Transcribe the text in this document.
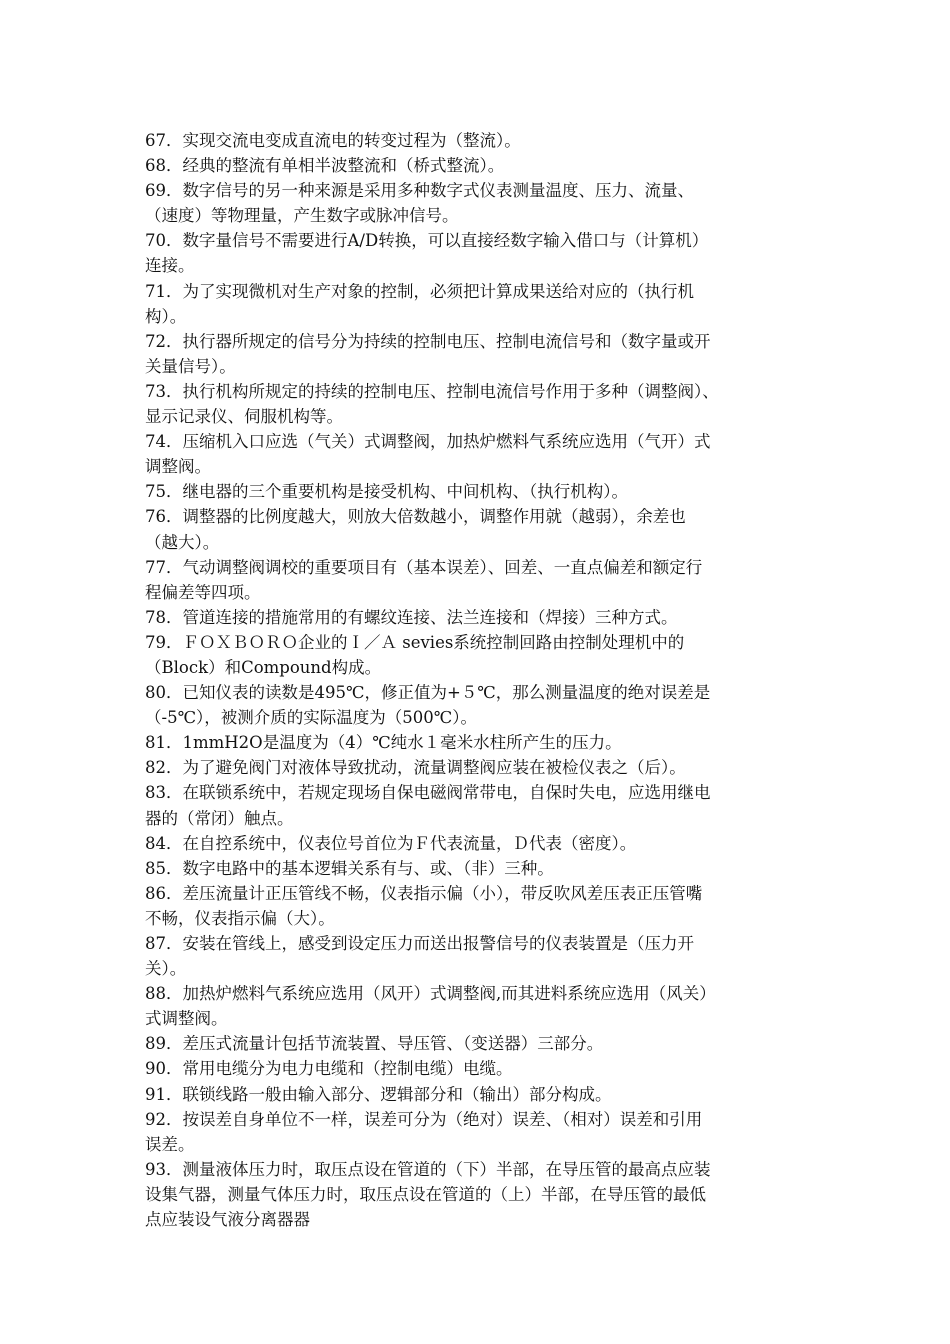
67．实现交流电变成直流电的转变过程为（整流）。

68．经典的整流有单相半波整流和（桥式整流）。

69．数字信号的另一种来源是采用多种数字式仪表测量温度、压力、流量、
（速度）等物理量，产生数字或脉冲信号。

70．数字量信号不需要进行A/D转换，可以直接经数字输入借口与（计算机）
连接。

71．为了实现微机对生产对象的控制，必须把计算成果送给对应的（执行机
构）。

72．执行器所规定的信号分为持续的控制电压、控制电流信号和（数字量或开
关量信号）。

73．执行机构所规定的持续的控制电压、控制电流信号作用于多种（调整阀）、
显示记录仪、伺服机构等。

74．压缩机入口应选（气关）式调整阀，加热炉燃料气系统应选用（气开）式
调整阀。

75．继电器的三个重要机构是接受机构、中间机构、（执行机构）。

76．调整器的比例度越大，则放大倍数越小，调整作用就（越弱），余差也
（越大）。

77．气动调整阀调校的重要项目有（基本误差）、回差、一直点偏差和额定行
程偏差等四项。

78．管道连接的措施常用的有螺纹连接、法兰连接和（焊接）三种方式。

79．ＦＯＸＢＯＲＯ企业的Ｉ／Ａ sevies系统控制回路由控制处理机中的
（Block）和Compound构成。

80．已知仪表的读数是495℃，修正值为+５℃，那么测量温度的绝对误差是
（-5℃），被测介质的实际温度为（500℃）。

81．1mmH2O是温度为（4）℃纯水１毫米水柱所产生的压力。

82．为了避免阀门对液体导致扰动，流量调整阀应装在被检仪表之（后）。

83．在联锁系统中，若规定现场自保电磁阀常带电，自保时失电，应选用继电
器的（常闭）触点。

84．在自控系统中，仪表位号首位为Ｆ代表流量，Ｄ代表（密度）。

85．数字电路中的基本逻辑关系有与、或、（非）三种。

86．差压流量计正压管线不畅，仪表指示偏（小），带反吹风差压表正压管嘴
不畅，仪表指示偏（大）。

87．安装在管线上，感受到设定压力而送出报警信号的仪表装置是（压力开
关）。

88．加热炉燃料气系统应选用（风开）式调整阀,而其进料系统应选用（风关）
式调整阀。

89．差压式流量计包括节流装置、导压管、（变送器）三部分。

90．常用电缆分为电力电缆和（控制电缆）电缆。

91．联锁线路一般由输入部分、逻辑部分和（输出）部分构成。

92．按误差自身单位不一样，误差可分为（绝对）误差、（相对）误差和引用
误差。

93．测量液体压力时，取压点设在管道的（下）半部，在导压管的最高点应装
设集气器，测量气体压力时，取压点设在管道的（上）半部，在导压管的最低
点应装设气液分离器器
